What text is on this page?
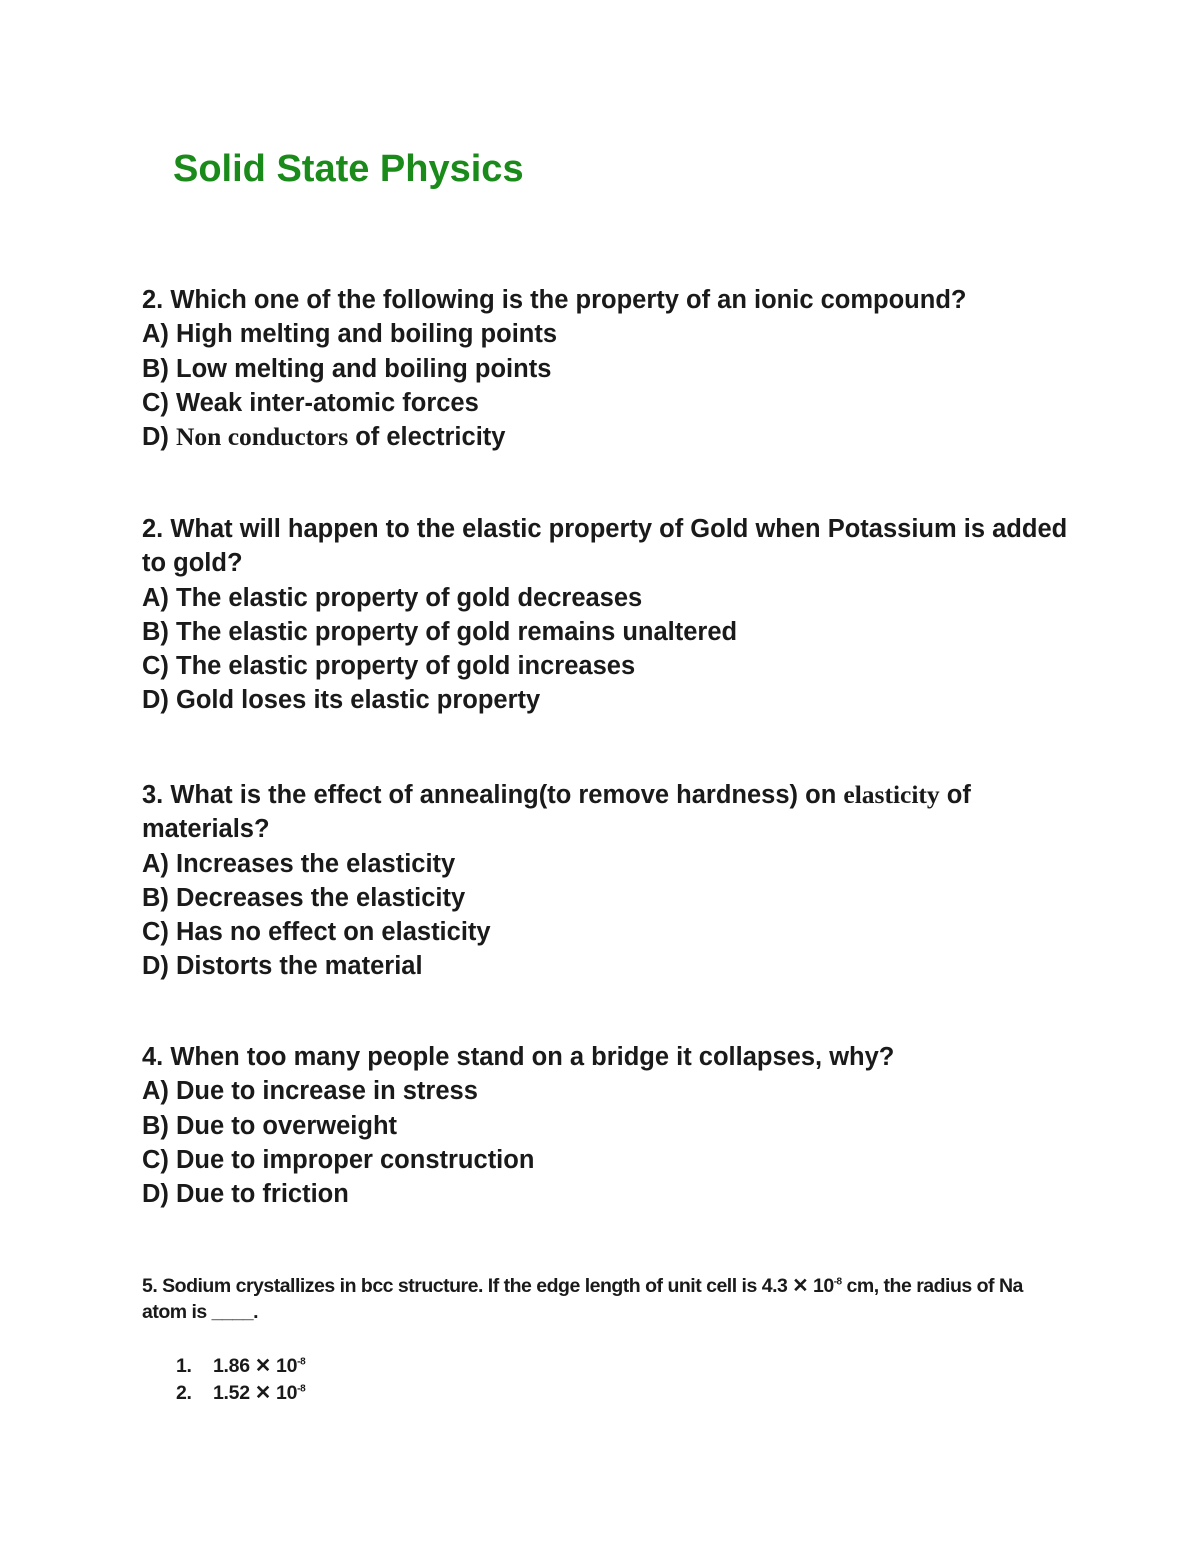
Solid State Physics

2. Which one of the following is the property of an ionic compound?

A) High melting and boiling points

B) Low melting and boiling points

C) Weak inter-atomic forces

D) Non conductors of electricity

2. What will happen to the elastic property of Gold when Potassium is added to gold?

A) The elastic property of gold decreases

B) The elastic property of gold remains unaltered

C) The elastic property of gold increases

D) Gold loses its elastic property

3. What is the effect of annealing(to remove hardness) on elasticity of materials?

A) Increases the elasticity

B) Decreases the elasticity

C) Has no effect on elasticity

D) Distorts the material

4. When too many people stand on a bridge it collapses, why?

A) Due to increase in stress

B) Due to overweight

C) Due to improper construction

D) Due to friction

5. Sodium crystallizes in bcc structure. If the edge length of unit cell is 4.3 ✕ $10^{-8}$ cm, the radius of Na atom is ____.

1.	1.86 ✕ $10^{-8}$

2.	1.52 ✕ $10^{-8}$
